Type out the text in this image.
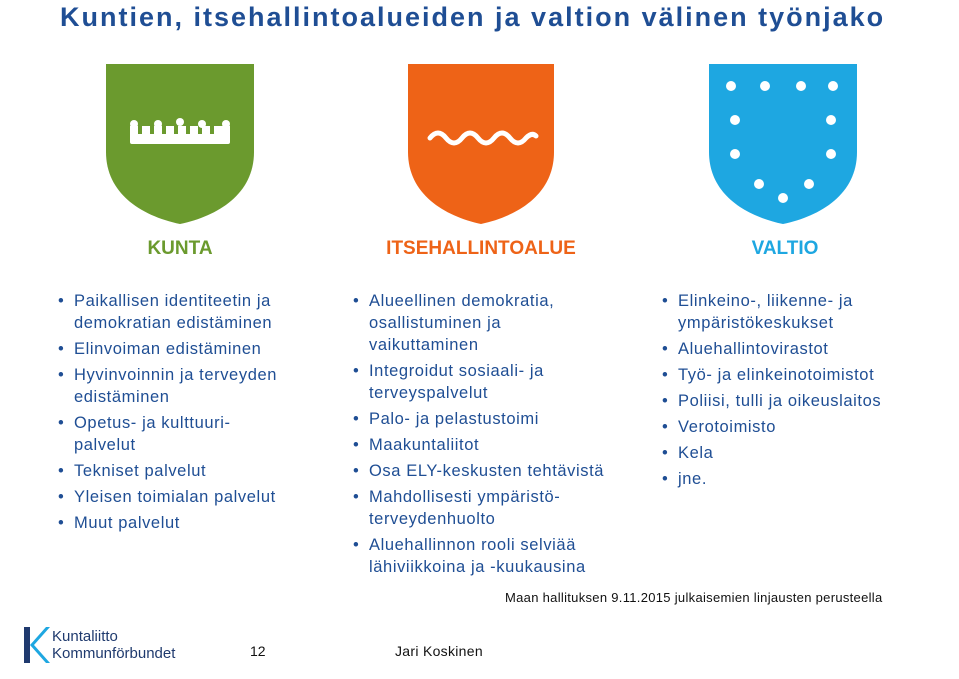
Kuntien, itsehallintoalueiden ja valtion välinen työnjako
KUNTA	ITSEHALLINTOALUE	VALTIO
• Paikallisen identiteetin ja demokratian edistäminen
• Elinvoiman edistäminen
• Hyvinvoinnin ja terveyden edistäminen
• Opetus- ja kulttuuri-palvelut
• Tekniset palvelut
• Yleisen toimialan palvelut
• Muut palvelut
• Alueellinen demokratia, osallistuminen ja vaikuttaminen
• Integroidut sosiaali- ja terveyspalvelut
• Palo- ja pelastustoimi
• Maakuntaliitot
• Osa ELY-keskusten tehtävistä
• Mahdollisesti ympäristö-terveydenhuolto
• Aluehallinnon rooli selviää lähiviikkoina ja -kuukausina
• Elinkeino-, liikenne- ja ympäristökeskukset
• Aluehallintovirastot
• Työ- ja elinkeinotoimistot
• Poliisi, tulli ja oikeuslaitos
• Verotoimisto
• Kela
• jne.
Maan hallituksen 9.11.2015 julkaisemien linjausten perusteella
Kuntaliitto
Kommunförbundet	12	Jari Koskinen
